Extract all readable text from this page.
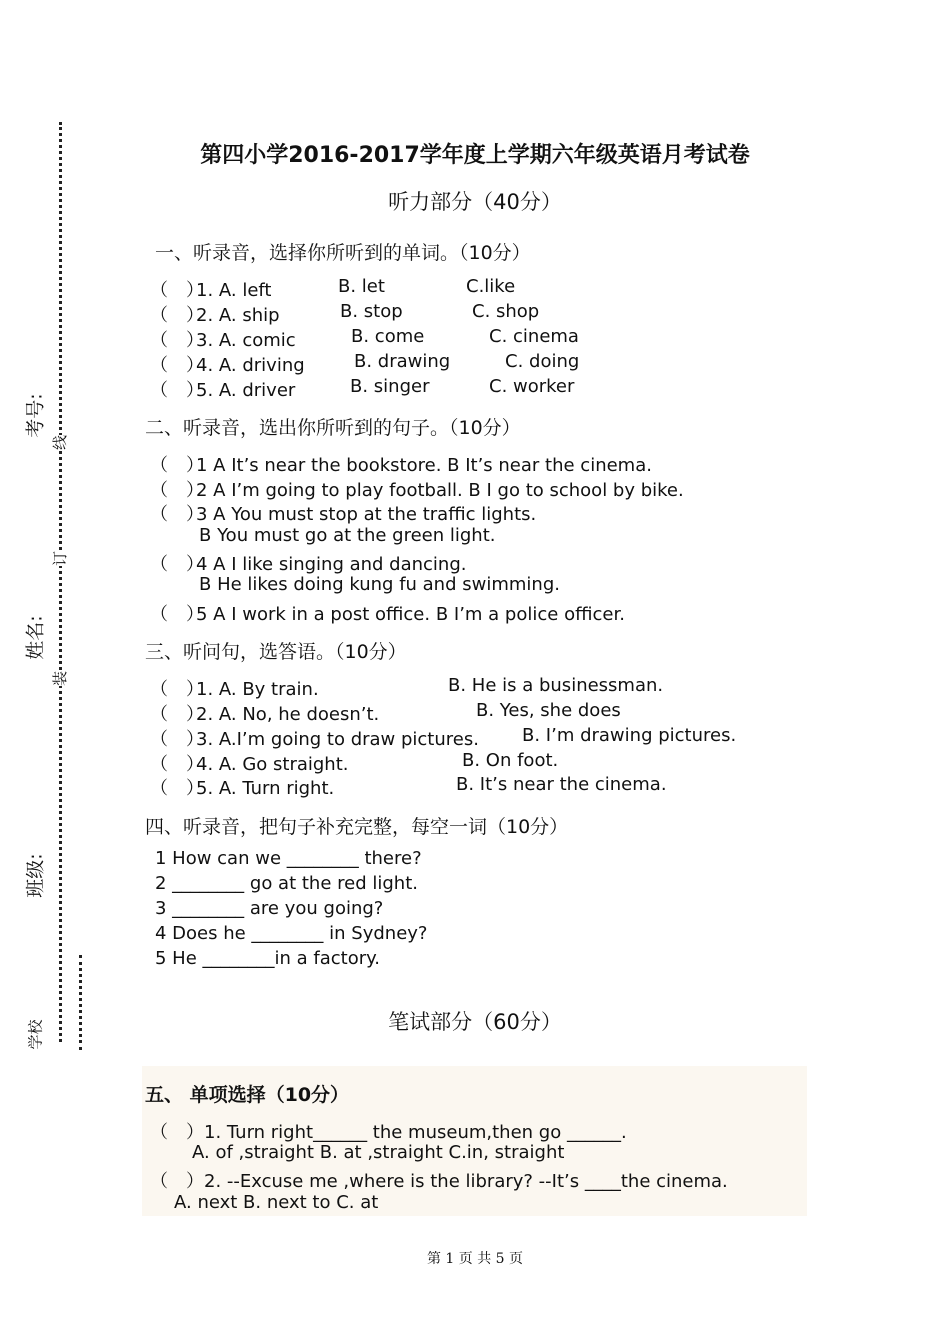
考号:
线
订
姓名:
装
班级:
学校
第四小学2016-2017学年度上学期六年级英语月考试卷
听力部分（40分）
一、听录音，选择你所听到的单词。（10分）
（　）1. A. left	B. let	C.like
（　）2. A. ship	B. stop	C. shop
（　）3. A. comic	B. come	C. cinema
（　）4. A. driving	B. drawing	C. doing
（　）5. A. driver	B. singer	C. worker
二、听录音，选出你所听到的句子。（10分）
（　）1 A It’s near the bookstore. B It’s near the cinema.
（　）2 A I’m going to play football. B I go to school by bike.
（　）3 A You must stop at the traffic lights.
B You must go at the green light.
（　）4 A I like singing and dancing.
B He likes doing kung fu and swimming.
（　）5 A I work in a post office. B I’m a police officer.
三、听问句，选答语。（10分）
（　）1. A. By train.	B. He is a businessman.
（　）2. A. No, he doesn’t.	B. Yes, she does
（　）3. A.I’m going to draw pictures. B. I’m drawing pictures.
（　）4. A. Go straight.	B. On foot.
（　）5. A. Turn right.	B. It’s near the cinema.
四、听录音，把句子补充完整，每空一词（10分）
1 How can we ________ there?
2 ________ go at the red light.
3 ________ are you going?
4 Does he ________ in Sydney?
5 He ________in a factory.
笔试部分（60分）
五、 单项选择（10分）
（　）1. Turn right______ the museum,then go ______.
A. of ,straight B. at ,straight C.in, straight
（　）2. --Excuse me ,where is the library? --It’s ____the cinema.
A. next B. next to C. at
第 1 页 共 5 页
